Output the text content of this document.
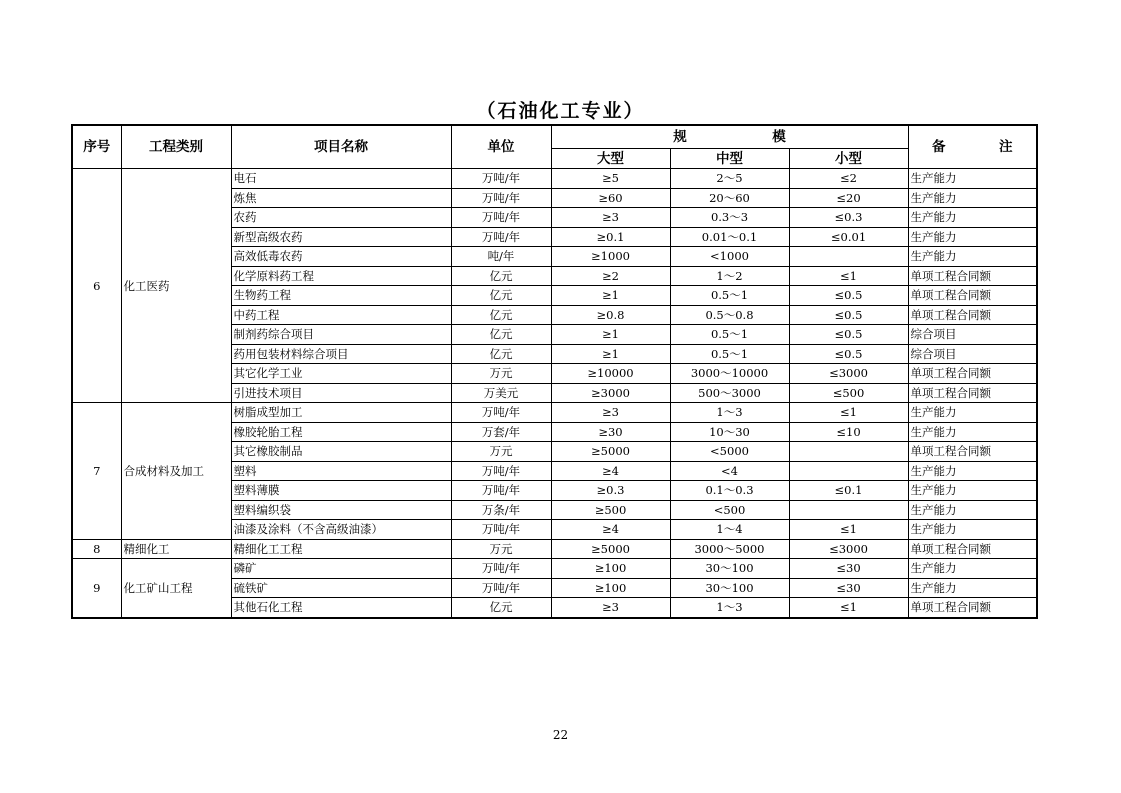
（石油化工专业）
序号	工程类别	项目名称	单位	规　模			备　注
				大型	中型	小型	
6	化工医药	电石	万吨/年	≥5	2～5	≤2	生产能力
		炼焦	万吨/年	≥60	20～60	≤20	生产能力
		农药	万吨/年	≥3	0.3～3	≤0.3	生产能力
		新型高级农药	万吨/年	≥0.1	0.01～0.1	≤0.01	生产能力
		高效低毒农药	吨/年	≥1000	<1000		生产能力
		化学原料药工程	亿元	≥2	1～2	≤1	单项工程合同额
		生物药工程	亿元	≥1	0.5～1	≤0.5	单项工程合同额
		中药工程	亿元	≥0.8	0.5～0.8	≤0.5	单项工程合同额
		制剂药综合项目	亿元	≥1	0.5～1	≤0.5	综合项目
		药用包装材料综合项目	亿元	≥1	0.5～1	≤0.5	综合项目
		其它化学工业	万元	≥10000	3000～10000	≤3000	单项工程合同额
		引进技术项目	万美元	≥3000	500～3000	≤500	单项工程合同额
7	合成材料及加工	树脂成型加工	万吨/年	≥3	1～3	≤1	生产能力
		橡胶轮胎工程	万套/年	≥30	10～30	≤10	生产能力
		其它橡胶制品	万元	≥5000	<5000		单项工程合同额
		塑料	万吨/年	≥4	<4		生产能力
		塑料薄膜	万吨/年	≥0.3	0.1～0.3	≤0.1	生产能力
		塑料编织袋	万条/年	≥500	<500		生产能力
		油漆及涂料（不含高级油漆）	万吨/年	≥4	1～4	≤1	生产能力
8	精细化工	精细化工工程	万元	≥5000	3000～5000	≤3000	单项工程合同额
9	化工矿山工程	磷矿	万吨/年	≥100	30～100	≤30	生产能力
		硫铁矿	万吨/年	≥100	30～100	≤30	生产能力
		其他石化工程	亿元	≥3	1～3	≤1	单项工程合同额
22
